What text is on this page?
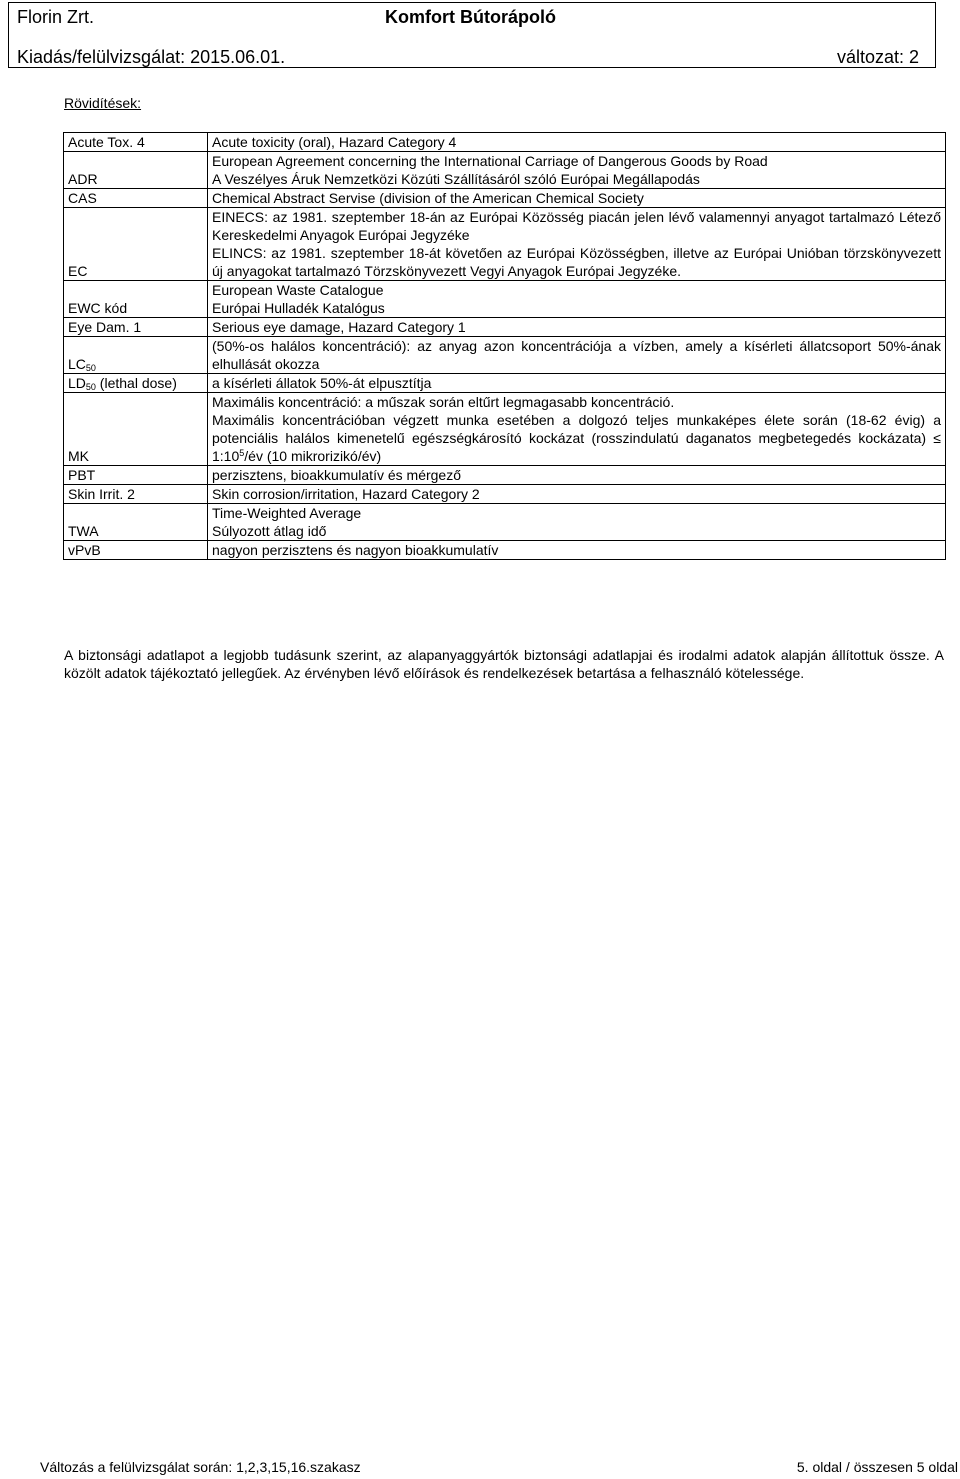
Florin Zrt.	Komfort Bútorápoló
Kiadás/felülvizsgálat: 2015.06.01.	változat: 2
Rövidítések:
Acute Tox. 4	Acute toxicity (oral), Hazard Category 4

ADR	European Agreement concerning the International Carriage of Dangerous Goods by Road
A Veszélyes Áruk Nemzetközi Közúti Szállításáról szóló Európai Megállapodás

CAS	Chemical Abstract Servise (division of the American Chemical Society

EC	EINECS: az 1981. szeptember 18-án az Európai Közösség piacán jelen lévő valamennyi anyagot tartalmazó Létező Kereskedelmi Anyagok Európai Jegyzéke
ELINCS: az 1981. szeptember 18-át követően az Európai Közösségben, illetve az Európai Unióban törzskönyvezett új anyagokat tartalmazó Törzskönyvezett Vegyi Anyagok Európai Jegyzéke.

EWC kód	European Waste Catalogue
Európai Hulladék Katalógus

Eye Dam. 1	Serious eye damage, Hazard Category 1

$LC_{50}$	(50%-os halálos koncentráció): az anyag azon koncentrációja a vízben, amely a kísérleti állatcsoport 50%-ának elhullását okozza

$LD_{50}$ (lethal dose)	a kísérleti állatok 50%-át elpusztítja

MK	Maximális koncentráció: a műszak során eltűrt legmagasabb koncentráció.
Maximális koncentrációban végzett munka esetében a dolgozó teljes munkaképes élete során (18-62 évig) a potenciális halálos kimenetelű egészségkárosító kockázat (rosszindulatú daganatos megbetegedés kockázata) ≤ $1:10^5/év$ (10 mikrorizikó/év)

PBT	perzisztens, bioakkumulatív és mérgező

Skin Irrit. 2	Skin corrosion/irritation, Hazard Category 2

TWA	Time-Weighted Average
Súlyozott átlag idő

vPvB	nagyon perzisztens és nagyon bioakkumulatív
A biztonsági adatlapot a legjobb tudásunk szerint, az alapanyaggyártók biztonsági adatlapjai és irodalmi adatok alapján állítottuk össze. A közölt adatok tájékoztató jellegűek. Az érvényben lévő előírások és rendelkezések betartása a felhasználó kötelessége.
Változás a felülvizsgálat során: 1,2,3,15,16.szakasz	5. oldal / összesen 5 oldal
